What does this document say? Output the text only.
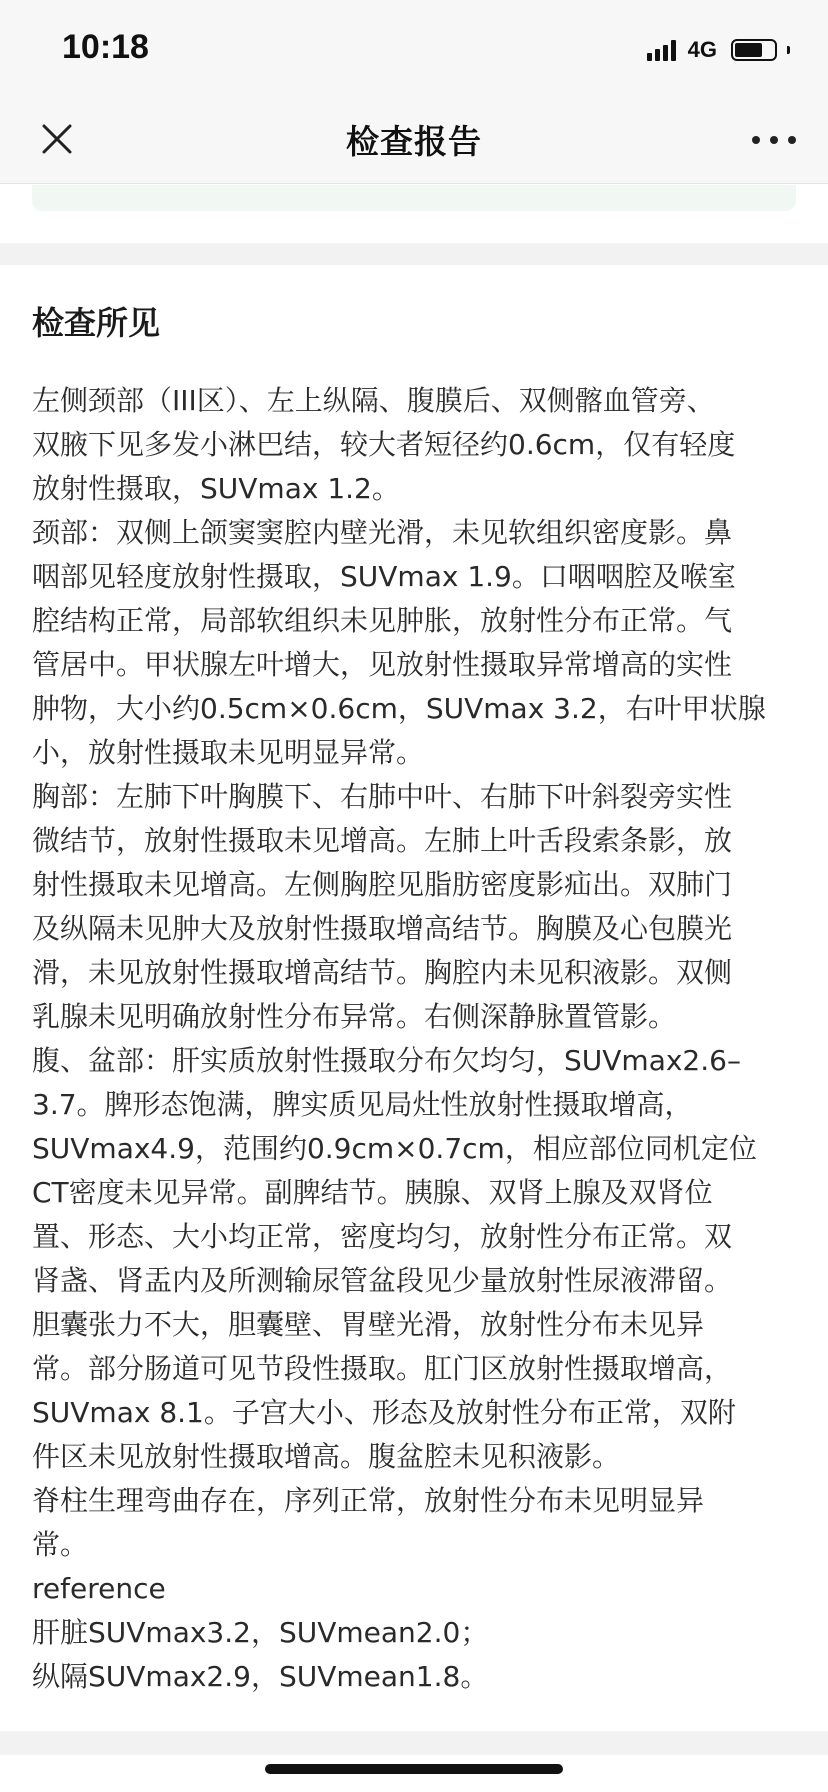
10:18	4G
检查报告
检查所见
左侧颈部（III区）、左上纵隔、腹膜后、双侧髂血管旁、
双腋下见多发小淋巴结，较大者短径约0.6cm，仅有轻度
放射性摄取，SUVmax 1.2。
颈部：双侧上颌窦窦腔内壁光滑，未见软组织密度影。鼻
咽部见轻度放射性摄取，SUVmax 1.9。口咽咽腔及喉室
腔结构正常，局部软组织未见肿胀，放射性分布正常。气
管居中。甲状腺左叶增大，见放射性摄取异常增高的实性
肿物，大小约0.5cm×0.6cm，SUVmax 3.2，右叶甲状腺
小，放射性摄取未见明显异常。
胸部：左肺下叶胸膜下、右肺中叶、右肺下叶斜裂旁实性
微结节，放射性摄取未见增高。左肺上叶舌段索条影，放
射性摄取未见增高。左侧胸腔见脂肪密度影疝出。双肺门
及纵隔未见肿大及放射性摄取增高结节。胸膜及心包膜光
滑，未见放射性摄取增高结节。胸腔内未见积液影。双侧
乳腺未见明确放射性分布异常。右侧深静脉置管影。
腹、盆部：肝实质放射性摄取分布欠均匀，SUVmax2.6–
3.7。脾形态饱满，脾实质见局灶性放射性摄取增高，
SUVmax4.9，范围约0.9cm×0.7cm，相应部位同机定位
CT密度未见异常。副脾结节。胰腺、双肾上腺及双肾位
置、形态、大小均正常，密度均匀，放射性分布正常。双
肾盏、肾盂内及所测输尿管盆段见少量放射性尿液滞留。
胆囊张力不大，胆囊壁、胃壁光滑，放射性分布未见异
常。部分肠道可见节段性摄取。肛门区放射性摄取增高，
SUVmax 8.1。子宫大小、形态及放射性分布正常，双附
件区未见放射性摄取增高。腹盆腔未见积液影。
脊柱生理弯曲存在，序列正常，放射性分布未见明显异
常。
reference
肝脏SUVmax3.2，SUVmean2.0；
纵隔SUVmax2.9，SUVmean1.8。
